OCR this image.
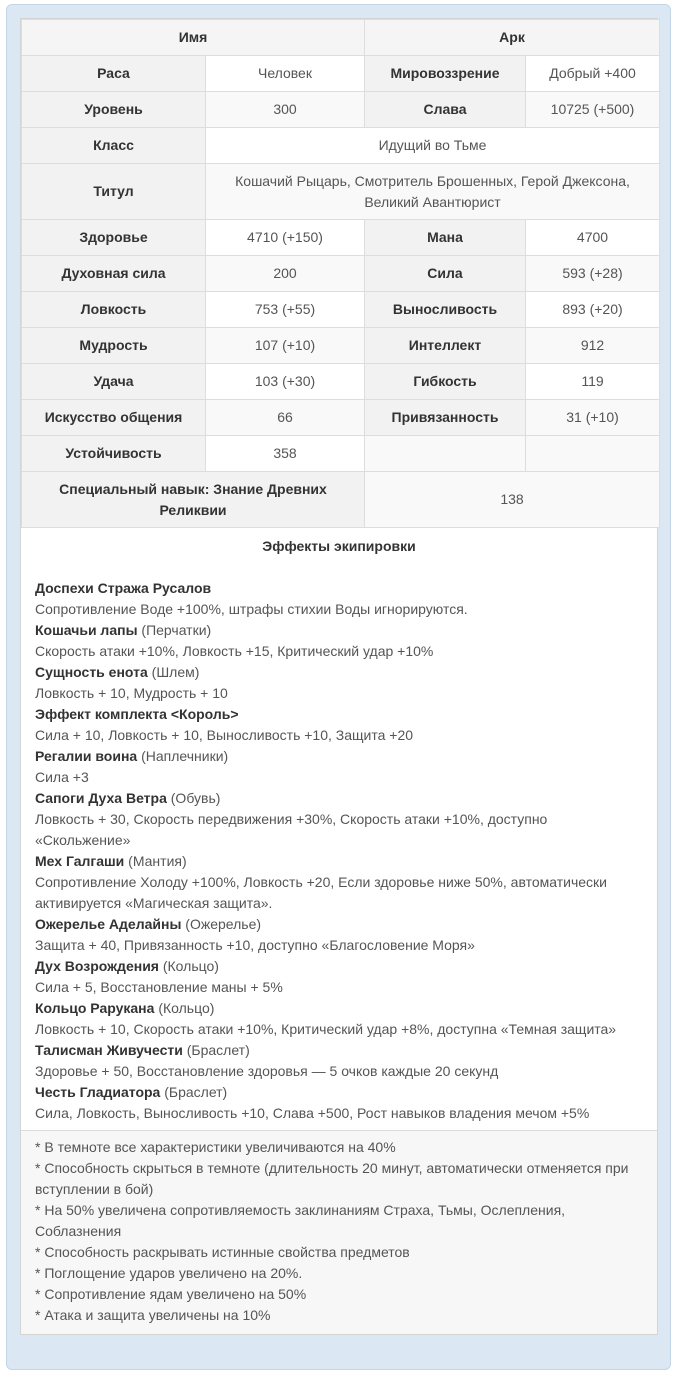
Имя		Арк	
Раса	Человек	Мировоззрение	Добрый +400
Уровень	300	Слава	10725 (+500)
Класс	Идущий во Тьме		
Титул	Кошачий Рыцарь, Смотритель Брошенных, Герой Джексона, Великий Авантюрист		
Здоровье	4710 (+150)	Мана	4700
Духовная сила	200	Сила	593 (+28)
Ловкость	753 (+55)	Выносливость	893 (+20)
Мудрость	107 (+10)	Интеллект	912
Удача	103 (+30)	Гибкость	119
Искусство общения	66	Привязанность	31 (+10)
Устойчивость	358		
Специальный навык: Знание Древних Реликвии		138	
Эффекты экипировки
Доспехи Стража Русалов
Сопротивление Воде +100%, штрафы стихии Воды игнорируются.
Кошачьи лапы (Перчатки)
Скорость атаки +10%, Ловкость +15, Критический удар +10%
Сущность енота (Шлем)
Ловкость + 10, Мудрость + 10
Эффект комплекта <Король>
Сила + 10, Ловкость + 10, Выносливость +10, Защита +20
Регалии воина (Наплечники)
Сила +3
Сапоги Духа Ветра (Обувь)
Ловкость + 30, Скорость передвижения +30%, Скорость атаки +10%, доступно «Скольжение»
Мех Галгаши (Мантия)
Сопротивление Холоду +100%, Ловкость +20, Если здоровье ниже 50%, автоматически активируется «Магическая защита».
Ожерелье Аделайны (Ожерелье)
Защита + 40, Привязанность +10, доступно «Благословение Моря»
Дух Возрождения (Кольцо)
Сила + 5, Восстановление маны + 5%
Кольцо Рарукана (Кольцо)
Ловкость + 10, Скорость атаки +10%, Критический удар +8%, доступна «Темная защита»
Талисман Живучести (Браслет)
Здоровье + 50, Восстановление здоровья — 5 очков каждые 20 секунд
Честь Гладиатора (Браслет)
Сила, Ловкость, Выносливость +10, Слава +500, Рост навыков владения мечом +5%
* В темноте все характеристики увеличиваются на 40%
* Способность скрыться в темноте (длительность 20 минут, автоматически отменяется при вступлении в бой)
* На 50% увеличена сопротивляемость заклинаниям Страха, Тьмы, Ослепления, Соблазнения
* Способность раскрывать истинные свойства предметов
* Поглощение ударов увеличено на 20%.
* Сопротивление ядам увеличено на 50%
* Атака и защита увеличены на 10%
